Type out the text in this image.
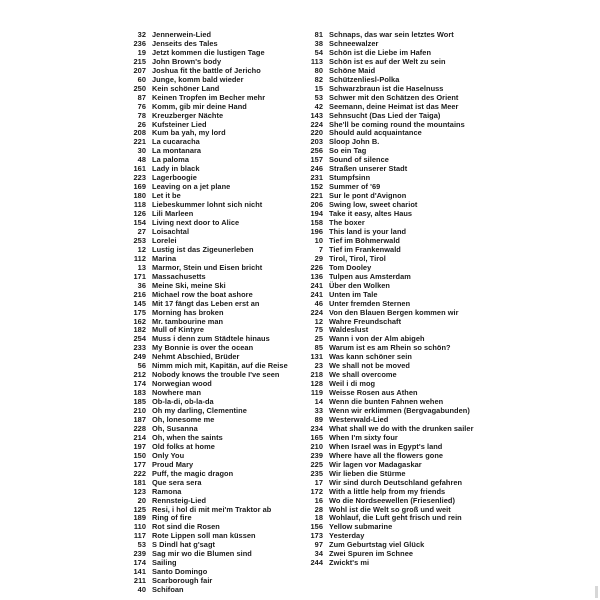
32 Jennerwein-Lied
236 Jenseits des Tales
19 Jetzt kommen die lustigen Tage
215 John Brown's body
207 Joshua fit the battle of Jericho
60 Junge, komm bald wieder
250 Kein schöner Land
87 Keinen Tropfen im Becher mehr
76 Komm, gib mir deine Hand
78 Kreuzberger Nächte
26 Kufsteiner Lied
208 Kum ba yah, my lord
221 La cucaracha
30 La montanara
48 La paloma
161 Lady in black
223 Lagerboogie
169 Leaving on a jet plane
180 Let it be
118 Liebeskummer lohnt sich nicht
126 Lili Marleen
154 Living next door to Alice
27 Loisachtal
253 Lorelei
12 Lustig ist das Zigeunerleben
112 Marina
13 Marmor, Stein und Eisen bricht
171 Massachusetts
36 Meine Ski, meine Ski
216 Michael row the boat ashore
145 Mit 17 fängt das Leben erst an
175 Morning has broken
162 Mr. tambourine man
182 Mull of Kintyre
254 Muss i denn zum Städtele hinaus
233 My Bonnie is over the ocean
249 Nehmt Abschied, Brüder
56 Nimm mich mit, Kapitän, auf die Reise
212 Nobody knows the trouble I've seen
174 Norwegian wood
183 Nowhere man
185 Ob-la-di, ob-la-da
210 Oh my darling, Clementine
187 Oh, lonesome me
228 Oh, Susanna
214 Oh, when the saints
197 Old folks at home
150 Only You
177 Proud Mary
222 Puff, the magic dragon
181 Que sera sera
123 Ramona
20 Rennsteig-Lied
125 Resi, i hol di mit mei'm Traktor ab
189 Ring of fire
110 Rot sind die Rosen
117 Rote Lippen soll man küssen
53 S Dindl hat g'sagt
239 Sag mir wo die Blumen sind
174 Sailing
141 Santo Domingo
211 Scarborough fair
40 Schifoan
81 Schnaps, das war sein letztes Wort
38 Schneewalzer
54 Schön ist die Liebe im Hafen
113 Schön ist es auf der Welt zu sein
80 Schöne Maid
82 Schützenliesl-Polka
15 Schwarzbraun ist die Haselnuss
53 Schwer mit den Schätzen des Orient
42 Seemann, deine Heimat ist das Meer
143 Sehnsucht (Das Lied der Taiga)
224 She'll be coming round the mountains
220 Should auld acquaintance
203 Sloop John B.
256 So ein Tag
157 Sound of silence
246 Straßen unserer Stadt
231 Stumpfsinn
152 Summer of '69
221 Sur le pont d'Avignon
206 Swing low, sweet chariot
194 Take it easy, altes Haus
158 The boxer
196 This land is your land
10 Tief im Böhmerwald
7 Tief im Frankenwald
29 Tirol, Tirol, Tirol
226 Tom Dooley
136 Tulpen aus Amsterdam
241 Über den Wolken
241 Unten im Tale
46 Unter fremden Sternen
224 Von den Blauen Bergen kommen wir
12 Wahre Freundschaft
75 Waldeslust
25 Wann i von der Alm abigeh
85 Warum ist es am Rhein so schön?
131 Was kann schöner sein
23 We shall not be moved
218 We shall overcome
128 Weil i di mog
119 Weisse Rosen aus Athen
14 Wenn die bunten Fahnen wehen
33 Wenn wir erklimmen (Bergvagabunden)
89 Westerwald-Lied
234 What shall we do with the drunken sailer
165 When I'm sixty four
210 When Israel was in Egypt's land
239 Where have all the flowers gone
225 Wir lagen vor Madagaskar
235 Wir lieben die Stürme
17 Wir sind durch Deutschland gefahren
172 With a little help from my friends
16 Wo die Nordseewellen (Friesenlied)
28 Wohl ist die Welt so groß und weit
18 Wohlauf, die Luft geht frisch und rein
156 Yellow submarine
173 Yesterday
97 Zum Geburtstag viel Glück
34 Zwei Spuren im Schnee
244 Zwickt's mi
